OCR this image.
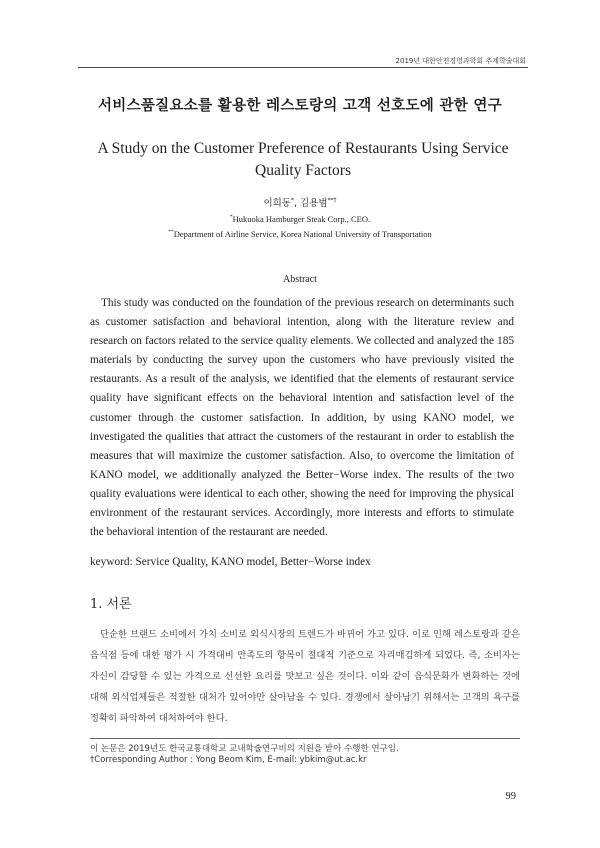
2019년 대한안전경영과학회 추계학술대회
서비스품질요소를 활용한 레스토랑의 고객 선호도에 관한 연구
A Study on the Customer Preference of Restaurants Using Service Quality Factors
이희동*, 김용범**†
*Hukuoka Hamburger Steak Corp., CEO.
**Department of Airline Service, Korea National University of Transportation
Abstract

This study was conducted on the foundation of the previous research on determinants such as customer satisfaction and behavioral intention, along with the literature review and research on factors related to the service quality elements. We collected and analyzed the 185 materials by conducting the survey upon the customers who have previously visited the restaurants. As a result of the analysis, we identified that the elements of restaurant service quality have significant effects on the behavioral intention and satisfaction level of the customer through the customer satisfaction. In addition, by using KANO model, we investigated the qualities that attract the customers of the restaurant in order to establish the measures that will maximize the customer satisfaction. Also, to overcome the limitation of KANO model, we additionally analyzed the Better−Worse index. The results of the two quality evaluations were identical to each other, showing the need for improving the physical environment of the restaurant services. Accordingly, more interests and efforts to stimulate the behavioral intention of the restaurant are needed.

keyword: Service Quality, KANO model, Better−Worse index
1. 서론

단순한 브랜드 소비에서 가치 소비로 외식시장의 트렌드가 바뀌어 가고 있다. 이로 인해 레스토랑과 같은 음식점 등에 대한 평가 시 가격대비 만족도의 항목이 절대적 기준으로 자리매김하게 되었다. 즉, 소비자는 자신이 감당할 수 있는 가격으로 신선한 요리를 맛보고 싶은 것이다. 이와 같이 음식문화가 변화하는 것에 대해 외식업체들은 적절한 대처가 있어야만 살아남을 수 있다. 경쟁에서 살아남기 위해서는 고객의 욕구를 정확히 파악하여 대처하여야 한다.

이 논문은 2019년도 한국교통대학교 교내학술연구비의 지원을 받아 수행한 연구임.
†Corresponding Author : Yong Beom Kim, E-mail: ybkim@ut.ac.kr
99
